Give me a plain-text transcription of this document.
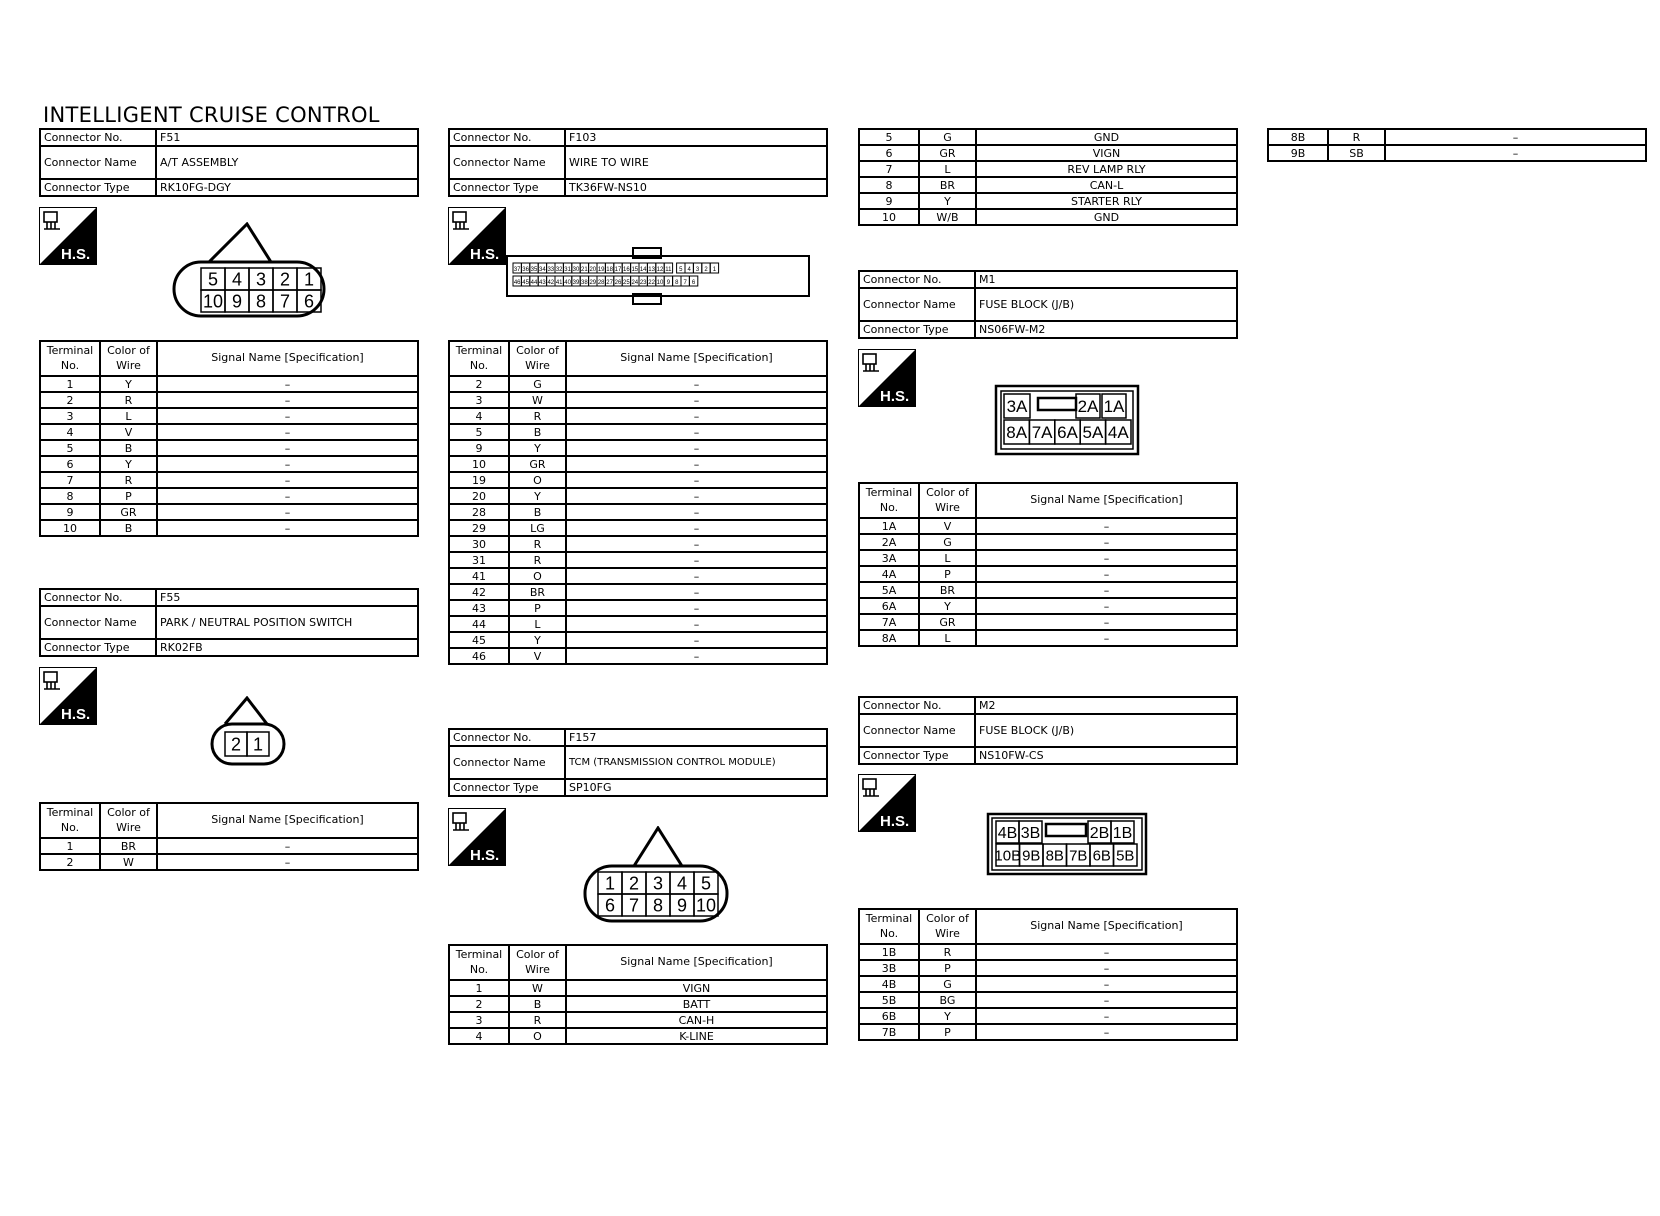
INTELLIGENT CRUISE CONTROL
Connector No.	F51
Connector Name	A/T ASSEMBLY
Connector Type	RK10FG-DGY
H.S.
5 4 3 2 1
10 9 8 7 6
Terminal No.	Color of Wire	Signal Name [Specification]
1	Y	–
2	R	–
3	L	–
4	V	–
5	B	–
6	Y	–
7	R	–
8	P	–
9	GR	–
10	B	–
Connector No.	F55
Connector Name	PARK / NEUTRAL POSITION SWITCH
Connector Type	RK02FB
H.S.
2 1
Terminal No.	Color of Wire	Signal Name [Specification]
1	BR	–
2	W	–
Connector No.	F103
Connector Name	WIRE TO WIRE
Connector Type	TK36FW-NS10
H.S.
37 36 35 34 33 32 31 30 21 20 19 18 17 16 15 14 13 12 11 5 4 3 2 1
46 45 44 43 42 41 40 39 38 29 28 27 26 25 24 23 22 10 9 8 7 6
Terminal No.	Color of Wire	Signal Name [Specification]
2	G	–
3	W	–
4	R	–
5	B	–
9	Y	–
10	GR	–
19	O	–
20	Y	–
28	B	–
29	LG	–
30	R	–
31	R	–
41	O	–
42	BR	–
43	P	–
44	L	–
45	Y	–
46	V	–
Connector No.	F157
Connector Name	TCM (TRANSMISSION CONTROL MODULE)
Connector Type	SP10FG
H.S.
1 2 3 4 5
6 7 8 9 10
Terminal No.	Color of Wire	Signal Name [Specification]
1	W	VIGN
2	B	BATT
3	R	CAN-H
4	O	K-LINE
5	G	GND
6	GR	VIGN
7	L	REV LAMP RLY
8	BR	CAN-L
9	Y	STARTER RLY
10	W/B	GND
Connector No.	M1
Connector Name	FUSE BLOCK (J/B)
Connector Type	NS06FW-M2
H.S.
3A	2A 1A
8A 7A 6A 5A 4A
Terminal No.	Color of Wire	Signal Name [Specification]
1A	V	–
2A	G	–
3A	L	–
4A	P	–
5A	BR	–
6A	Y	–
7A	GR	–
8A	L	–
Connector No.	M2
Connector Name	FUSE BLOCK (J/B)
Connector Type	NS10FW-CS
H.S.
4B 3B	2B 1B
10B 9B 8B 7B 6B 5B
Terminal No.	Color of Wire	Signal Name [Specification]
1B	R	–
3B	P	–
4B	G	–
5B	BG	–
6B	Y	–
7B	P	–
8B	R	–
9B	SB	–
